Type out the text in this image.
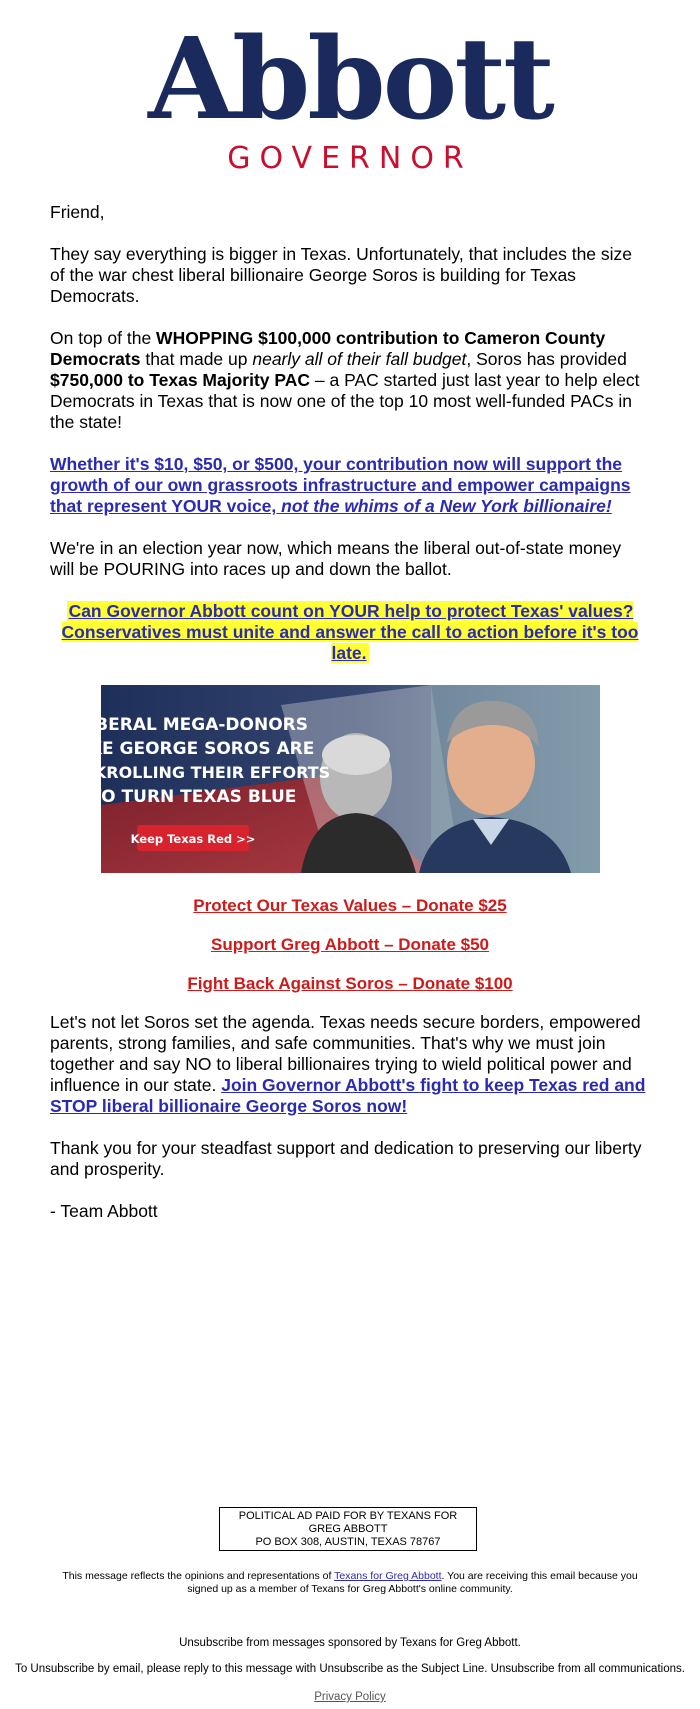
Abbott
GOVERNOR

Friend,

They say everything is bigger in Texas. Unfortunately, that includes the size of the war chest liberal billionaire George Soros is building for Texas Democrats.

On top of the WHOPPING $100,000 contribution to Cameron County Democrats that made up nearly all of their fall budget, Soros has provided $750,000 to Texas Majority PAC – a PAC started just last year to help elect Democrats in Texas that is now one of the top 10 most well-funded PACs in the state!

Whether it's $10, $50, or $500, your contribution now will support the growth of our own grassroots infrastructure and empower campaigns that represent YOUR voice, not the whims of a New York billionaire!

We're in an election year now, which means the liberal out-of-state money will be POURING into races up and down the ballot.

Can Governor Abbott count on YOUR help to protect Texas' values? Conservatives must unite and answer the call to action before it's too late.

LIBERAL MEGA-DONORS
LIKE GEORGE SOROS ARE
BANKROLLING THEIR EFFORTS
TO TURN TEXAS BLUE
Keep Texas Red >>
Protect Our Texas Values – Donate $25
Support Greg Abbott – Donate $50
Fight Back Against Soros – Donate $100

Let's not let Soros set the agenda. Texas needs secure borders, empowered parents, strong families, and safe communities. That's why we must join together and say NO to liberal billionaires trying to wield political power and influence in our state. Join Governor Abbott's fight to keep Texas red and STOP liberal billionaire George Soros now!

Thank you for your steadfast support and dedication to preserving our liberty and prosperity.

- Team Abbott

POLITICAL AD PAID FOR BY TEXANS FOR
GREG ABBOTT
PO BOX 308, AUSTIN, TEXAS 78767
This message reflects the opinions and representations of Texans for Greg Abbott. You are receiving this email because you signed up as a member of Texans for Greg Abbott's online community.
Unsubscribe from messages sponsored by Texans for Greg Abbott.
To Unsubscribe by email, please reply to this message with Unsubscribe as the Subject Line. Unsubscribe from all communications.
Privacy Policy
